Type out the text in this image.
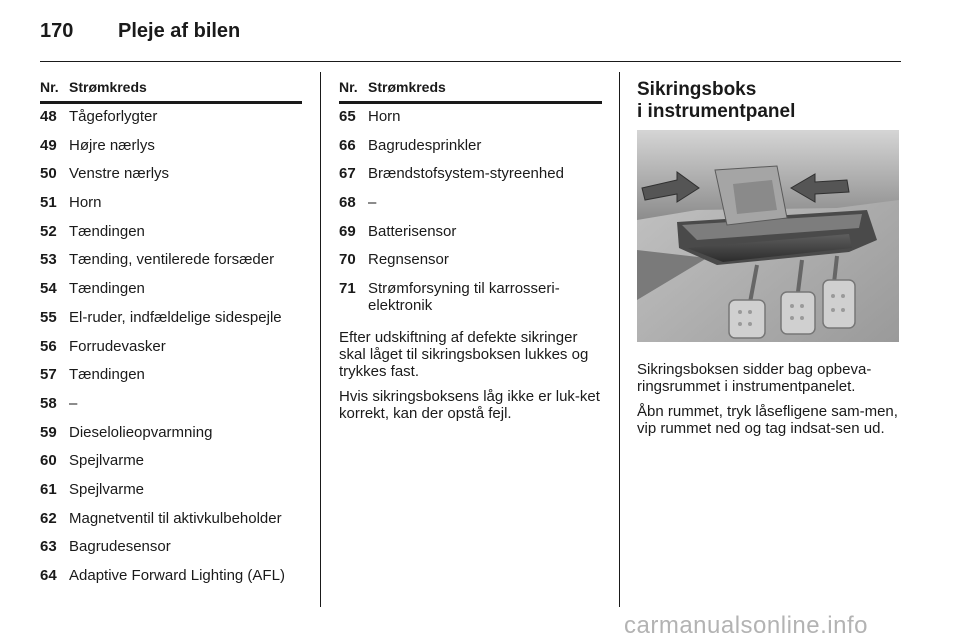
170 Pleje af bilen
Nr.	Strømkreds

48	Tågeforlygter

49	Højre nærlys

50	Venstre nærlys

51	Horn

52	Tændingen

53	Tænding, ventilerede forsæder

54	Tændingen

55	El-ruder, indfældelige sidespejle

56	Forrudevasker

57	Tændingen

58	–

59	Dieselolieopvarmning

60	Spejlvarme

61	Spejlvarme

62	Magnetventil til aktivkulbeholder

63	Bagrudesensor

64	Adaptive Forward Lighting (AFL)
Nr.	Strømkreds

65	Horn

66	Bagrudesprinkler

67	Brændstofsystem-styreenhed

68	–

69	Batterisensor

70	Regnsensor

71	Strømforsyning til karrosseri-elektronik

Efter udskiftning af defekte sikringer skal låget til sikringsboksen lukkes og trykkes fast.

Hvis sikringsboksens låg ikke er luk-ket korrekt, kan der opstå fejl.

Sikringsboks

i instrumentpanel

Sikringsboksen sidder bag opbeva-ringsrummet i instrumentpanelet.

Åbn rummet, tryk låsefligene sam-men, vip rummet ned og tag indsat-sen ud.

carmanualsonline.info
